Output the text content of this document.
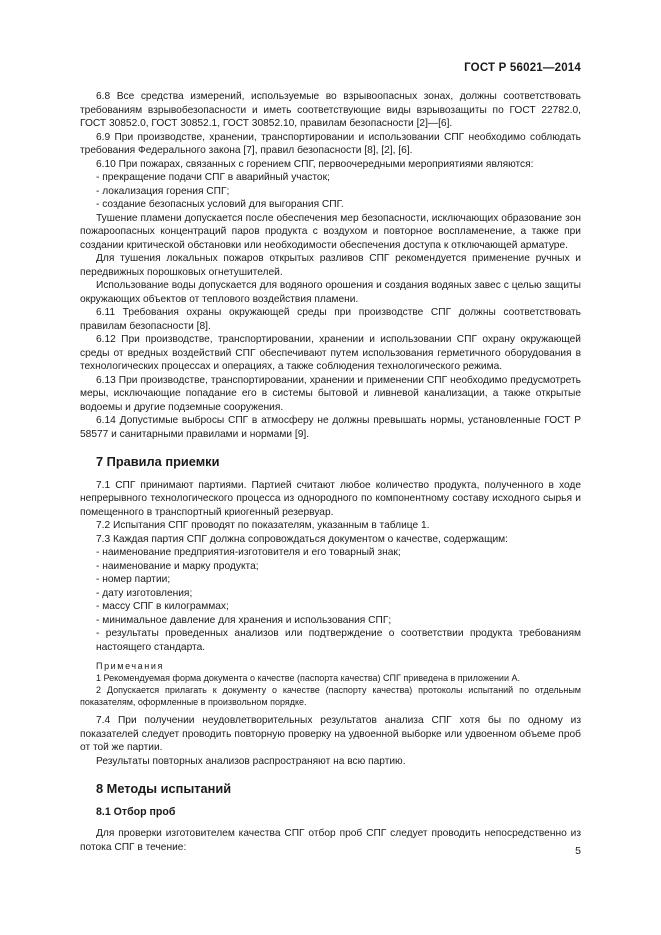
ГОСТ Р 56021—2014

6.8 Все средства измерений, используемые во взрывоопасных зонах, должны соответствовать требованиям взрывобезопасности и иметь соответствующие виды взрывозащиты по ГОСТ 22782.0, ГОСТ 30852.0, ГОСТ 30852.1, ГОСТ 30852.10, правилам безопасности [2]—[6].

6.9 При производстве, хранении, транспортировании и использовании СПГ необходимо соблюдать требования Федерального закона [7], правил безопасности [8], [2], [6].

6.10 При пожарах, связанных с горением СПГ, первоочередными мероприятиями являются:

- прекращение подачи СПГ в аварийный участок;

- локализация горения СПГ;

- создание безопасных условий для выгорания СПГ.

Тушение пламени допускается после обеспечения мер безопасности, исключающих образование зон пожароопасных концентраций паров продукта с воздухом и повторное воспламенение, а также при создании критической обстановки или необходимости обеспечения доступа к отключающей арматуре.

Для тушения локальных пожаров открытых разливов СПГ рекомендуется применение ручных и передвижных порошковых огнетушителей.

Использование воды допускается для водяного орошения и создания водяных завес с целью защиты окружающих объектов от теплового воздействия пламени.

6.11 Требования охраны окружающей среды при производстве СПГ должны соответствовать правилам безопасности [8].

6.12 При производстве, транспортировании, хранении и использовании СПГ охрану окружающей среды от вредных воздействий СПГ обеспечивают путем использования герметичного оборудования в технологических процессах и операциях, а также соблюдения технологического режима.

6.13 При производстве, транспортировании, хранении и применении СПГ необходимо предусмотреть меры, исключающие попадание его в системы бытовой и ливневой канализации, а также открытые водоемы и другие подземные сооружения.

6.14 Допустимые выбросы СПГ в атмосферу не должны превышать нормы, установленные ГОСТ Р 58577 и санитарными правилами и нормами [9].

7 Правила приемки

7.1 СПГ принимают партиями. Партией считают любое количество продукта, полученного в ходе непрерывного технологического процесса из однородного по компонентному составу исходного сырья и помещенного в транспортный криогенный резервуар.

7.2 Испытания СПГ проводят по показателям, указанным в таблице 1.

7.3 Каждая партия СПГ должна сопровождаться документом о качестве, содержащим:

- наименование предприятия-изготовителя и его товарный знак;

- наименование и марку продукта;

- номер партии;

- дату изготовления;

- массу СПГ в килограммах;

- минимальное давление для хранения и использования СПГ;

- результаты проведенных анализов или подтверждение о соответствии продукта требованиям настоящего стандарта.

Примечания

1 Рекомендуемая форма документа о качестве (паспорта качества) СПГ приведена в приложении А.

2 Допускается прилагать к документу о качестве (паспорту качества) протоколы испытаний по отдельным показателям, оформленные в произвольном порядке.

7.4 При получении неудовлетворительных результатов анализа СПГ хотя бы по одному из показателей следует проводить повторную проверку на удвоенной выборке или удвоенном объеме проб от той же партии.

Результаты повторных анализов распространяют на всю партию.

8 Методы испытаний
8.1 Отбор проб

Для проверки изготовителем качества СПГ отбор проб СПГ следует проводить непосредственно из потока СПГ в течение:	5
